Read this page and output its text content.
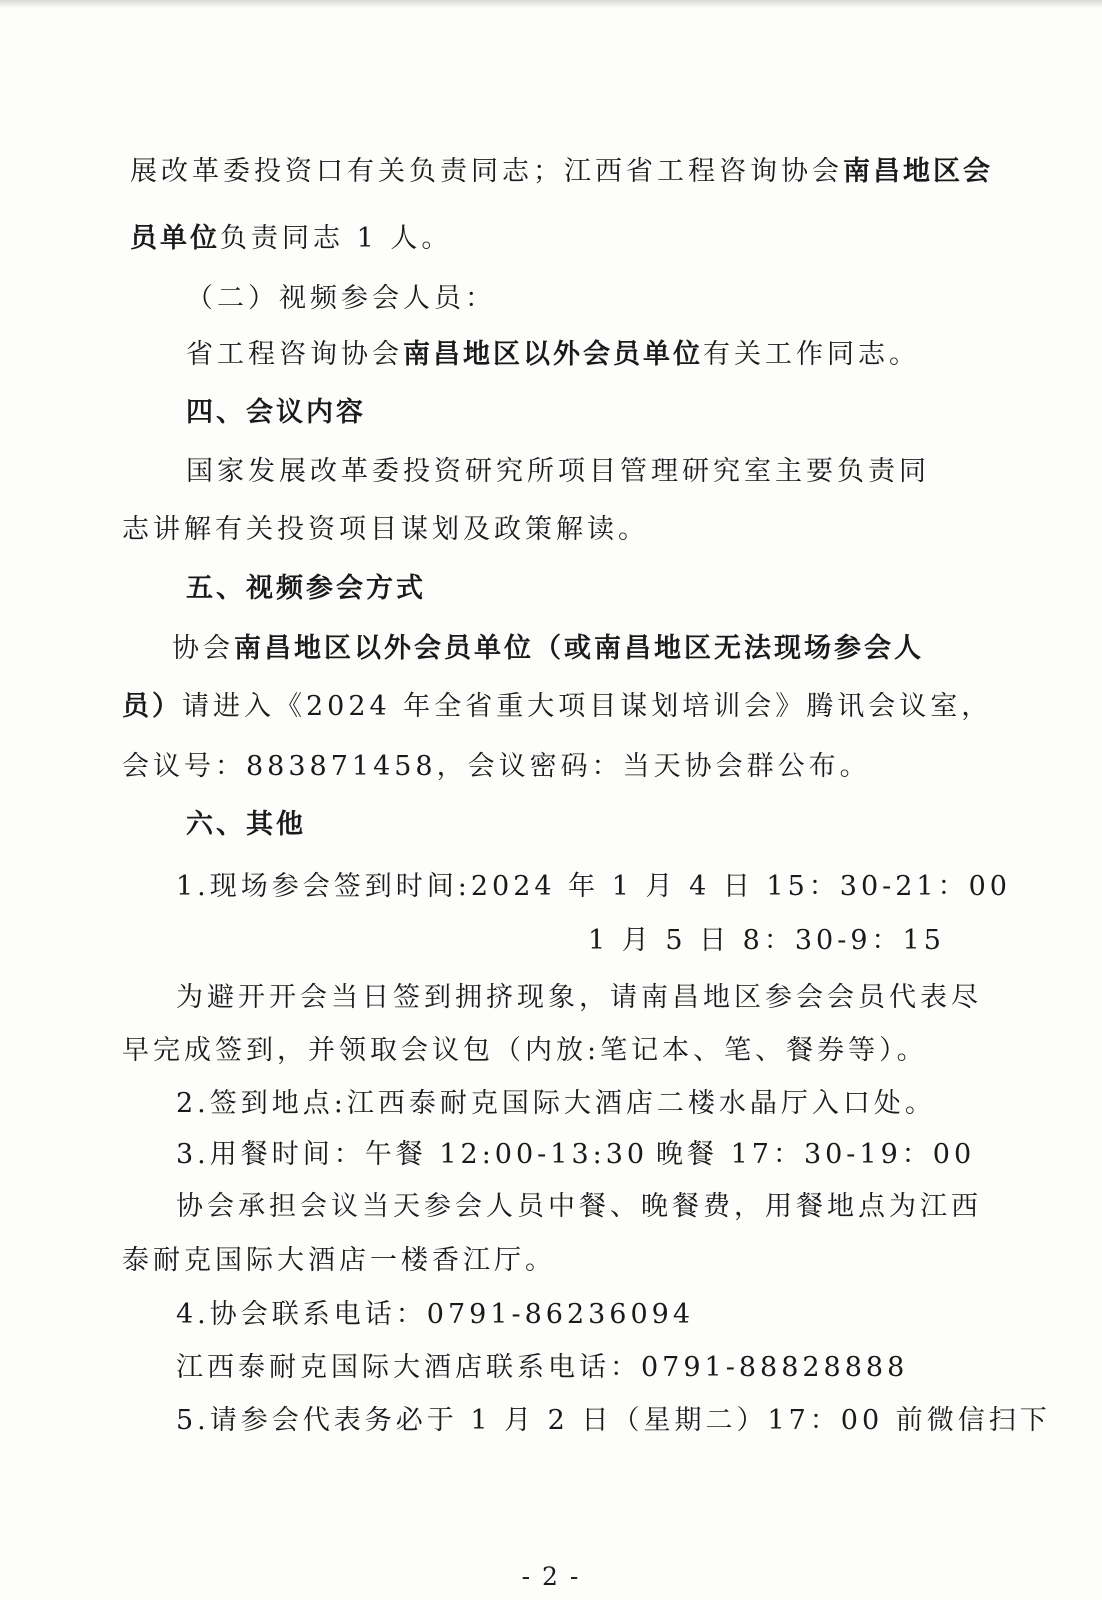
展改革委投资口有关负责同志；江西省工程咨询协会南昌地区会
员单位负责同志 1 人。
（二）视频参会人员：
省工程咨询协会南昌地区以外会员单位有关工作同志。
四、会议内容
国家发展改革委投资研究所项目管理研究室主要负责同
志讲解有关投资项目谋划及政策解读。
五、视频参会方式
协会南昌地区以外会员单位（或南昌地区无法现场参会人
员）请进入《2024 年全省重大项目谋划培训会》腾讯会议室，
会议号：883871458，会议密码：当天协会群公布。
六、其他
1.现场参会签到时间:2024 年 1 月 4 日 15：30-21：00
1 月 5 日 8：30-9：15
为避开开会当日签到拥挤现象，请南昌地区参会会员代表尽
早完成签到，并领取会议包（内放:笔记本、笔、餐券等）。
2.签到地点:江西泰耐克国际大酒店二楼水晶厅入口处。
3.用餐时间：午餐 12:00-13:30 晚餐 17：30-19：00
协会承担会议当天参会人员中餐、晚餐费，用餐地点为江西
泰耐克国际大酒店一楼香江厅。
4.协会联系电话：0791-86236094
江西泰耐克国际大酒店联系电话：0791-88828888
5.请参会代表务必于 1 月 2 日（星期二）17：00 前微信扫下
- 2 -
